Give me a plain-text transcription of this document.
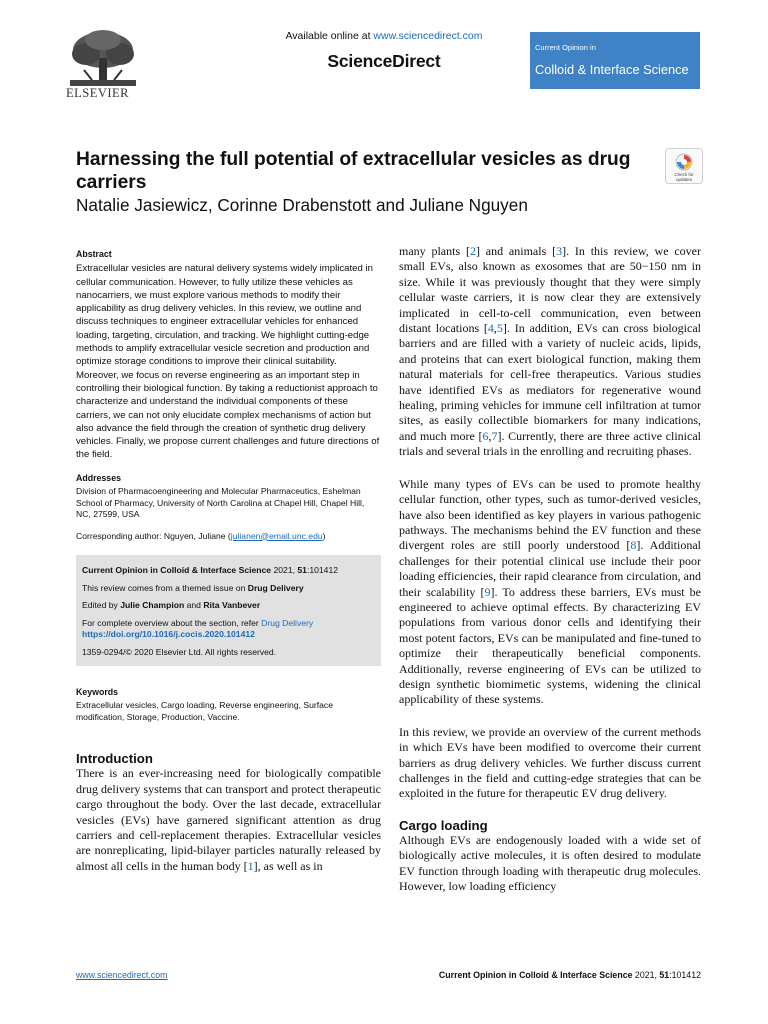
ELSEVIER
Available online at www.sciencedirect.com
ScienceDirect
Current Opinion in
Colloid & Interface Science
Check for updates
Harnessing the full potential of extracellular vesicles as drug carriers
Natalie Jasiewicz, Corinne Drabenstott and Juliane Nguyen
Abstract
Extracellular vesicles are natural delivery systems widely implicated in cellular communication. However, to fully utilize these vehicles as nanocarriers, we must explore various methods to modify their applicability as drug delivery vehicles. In this review, we outline and discuss techniques to engineer extracellular vehicles for enhanced loading, targeting, circulation, and tracking. We highlight cutting-edge methods to amplify extracellular vesicle secretion and production and optimize storage conditions to improve their clinical suitability. Moreover, we focus on reverse engineering as an important step in controlling their biological function. By taking a reductionist approach to characterize and understand the individual components of these carriers, we can not only elucidate complex mechanisms of action but also advance the field through the creation of synthetic drug delivery vehicles. Finally, we propose current challenges and future directions of the field.
Addresses
Division of Pharmacoengineering and Molecular Pharmaceutics, Eshelman School of Pharmacy, University of North Carolina at Chapel Hill, Chapel Hill, NC, 27599, USA
Corresponding author: Nguyen, Juliane (julianen@email.unc.edu)

Current Opinion in Colloid & Interface Science 2021, 51:101412

This review comes from a themed issue on Drug Delivery

Edited by Julie Champion and Rita Vanbever

For complete overview about the section, refer Drug Delivery
https://doi.org/10.1016/j.cocis.2020.101412

1359-0294/© 2020 Elsevier Ltd. All rights reserved.

Keywords
Extracellular vesicles, Cargo loading, Reverse engineering, Surface modification, Storage, Production, Vaccine.
Introduction

There is an ever-increasing need for biologically compatible drug delivery systems that can transport and protect therapeutic cargo throughout the body. Over the last decade, extracellular vesicles (EVs) have garnered significant attention as drug carriers and cell-replacement therapies. Extracellular vesicles are nonreplicating, lipid-bilayer particles naturally released by almost all cells in the human body [1], as well as in

many plants [2] and animals [3]. In this review, we cover small EVs, also known as exosomes that are 50−150 nm in size. While it was previously thought that they were simply cellular waste carriers, it is now clear they are extensively implicated in cell-to-cell communication, even between distant locations [4,5]. In addition, EVs can cross biological barriers and are filled with a variety of nucleic acids, lipids, and proteins that can exert biological function, making them natural materials for cell-free therapeutics. Various studies have identified EVs as mediators for regenerative wound healing, priming vehicles for immune cell infiltration at tumor sites, as easily collectible biomarkers for many indications, and much more [6,7]. Currently, there are three active clinical trials and several trials in the enrolling and recruiting phases.

While many types of EVs can be used to promote healthy cellular function, other types, such as tumor-derived vesicles, have also been identified as key players in various pathogenic pathways. The mechanisms behind the EV function and these divergent roles are still poorly understood [8]. Additional challenges for their potential clinical use include their poor loading efficiencies, their rapid clearance from circulation, and their scalability [9]. To address these barriers, EVs must be engineered to achieve optimal effects. By characterizing EV populations from various donor cells and identifying their most potent factors, EVs can be manipulated and fine-tuned to optimize their therapeutically beneficial components. Additionally, reverse engineering of EVs can be utilized to design synthetic biomimetic systems, widening the clinical applicability of these systems.

In this review, we provide an overview of the current methods in which EVs have been modified to overcome their current barriers as drug delivery vehicles. We further discuss current challenges in the field and cutting-edge strategies that can be exploited in the future for therapeutic EV drug delivery.

Cargo loading

Although EVs are endogenously loaded with a wide set of biologically active molecules, it is often desired to modulate EV function through loading with therapeutic drug molecules. However, low loading efficiency

www.sciencedirect.com	Current Opinion in Colloid & Interface Science 2021, 51:101412
